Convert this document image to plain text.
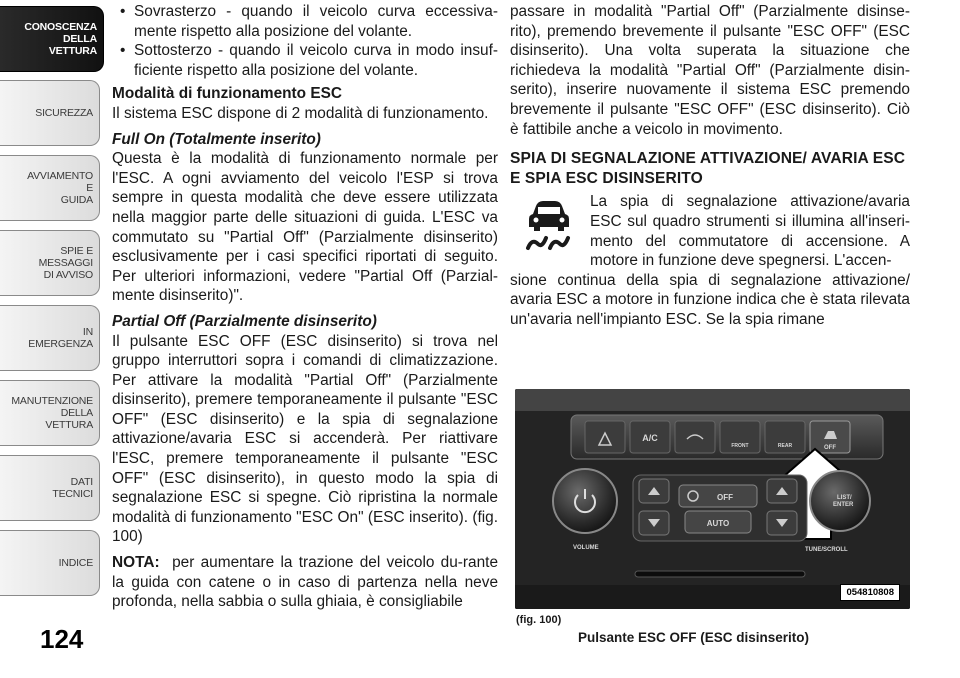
CONOSCENZA
DELLA
VETTURA
SICUREZZA
AVVIAMENTO
E
GUIDA
SPIE E
MESSAGGI
DI AVVISO
IN
EMERGENZA
MANUTENZIONE
DELLA
VETTURA
DATI
TECNICI
INDICE
124

• Sovrasterzo - quando il veicolo curva eccessiva-mente rispetto alla posizione del volante.

• Sottosterzo - quando il veicolo curva in modo insuf-ficiente rispetto alla posizione del volante.

Modalità di funzionamento ESC

Il sistema ESC dispone di 2 modalità di funzionamento.

Full On (Totalmente inserito)

Questa è la modalità di funzionamento normale per l'ESC. A ogni avviamento del veicolo l'ESP si trova sempre in questa modalità che deve essere utilizzata nella maggior parte delle situazioni di guida. L'ESC va commutato su "Partial Off" (Parzialmente disinserito) esclusivamente per i casi specifici riportati di seguito. Per ulteriori informazioni, vedere "Partial Off (Parzial-mente disinserito)".

Partial Off (Parzialmente disinserito)

Il pulsante ESC OFF (ESC disinserito) si trova nel gruppo interruttori sopra i comandi di climatizzazione. Per attivare la modalità "Partial Off" (Parzialmente disinserito), premere temporaneamente il pulsante "ESC OFF" (ESC disinserito) e la spia di segnalazione attivazione/avaria ESC si accenderà. Per riattivare l'ESC, premere temporaneamente il pulsante "ESC OFF" (ESC disinserito), in questo modo la spia di segnalazione ESC si spegne. Ciò ripristina la normale modalità di funzionamento "ESC On" (ESC inserito). (fig. 100)

NOTA: per aumentare la trazione del veicolo du-rante la guida con catene o in caso di partenza nella neve profonda, nella sabbia o sulla ghiaia, è consigliabile

passare in modalità "Partial Off" (Parzialmente disinse-rito), premendo brevemente il pulsante "ESC OFF" (ESC disinserito). Una volta superata la situazione che richiedeva la modalità "Partial Off" (Parzialmente disin-serito), inserire nuovamente il sistema ESC premendo brevemente il pulsante "ESC OFF" (ESC disinserito). Ciò è fattibile anche a veicolo in movimento.

SPIA DI SEGNALAZIONE ATTIVAZIONE/ AVARIA ESC E SPIA ESC DISINSERITO

La spia di segnalazione attivazione/avaria ESC sul quadro strumenti si illumina all'inseri-mento del commutatore di accensione. A motore in funzione deve spegnersi. L'accen-

sione continua della spia di segnalazione attivazione/ avaria ESC a motore in funzione indica che è stata rilevata un'avaria nell'impianto ESC. Se la spia rimane

A/C
FRONT	REAR	OFF
VOLUME
LIST/ ENTER
TUNE/SCROLL
OFF
AUTO
054810808
(fig. 100)
Pulsante ESC OFF (ESC disinserito)
